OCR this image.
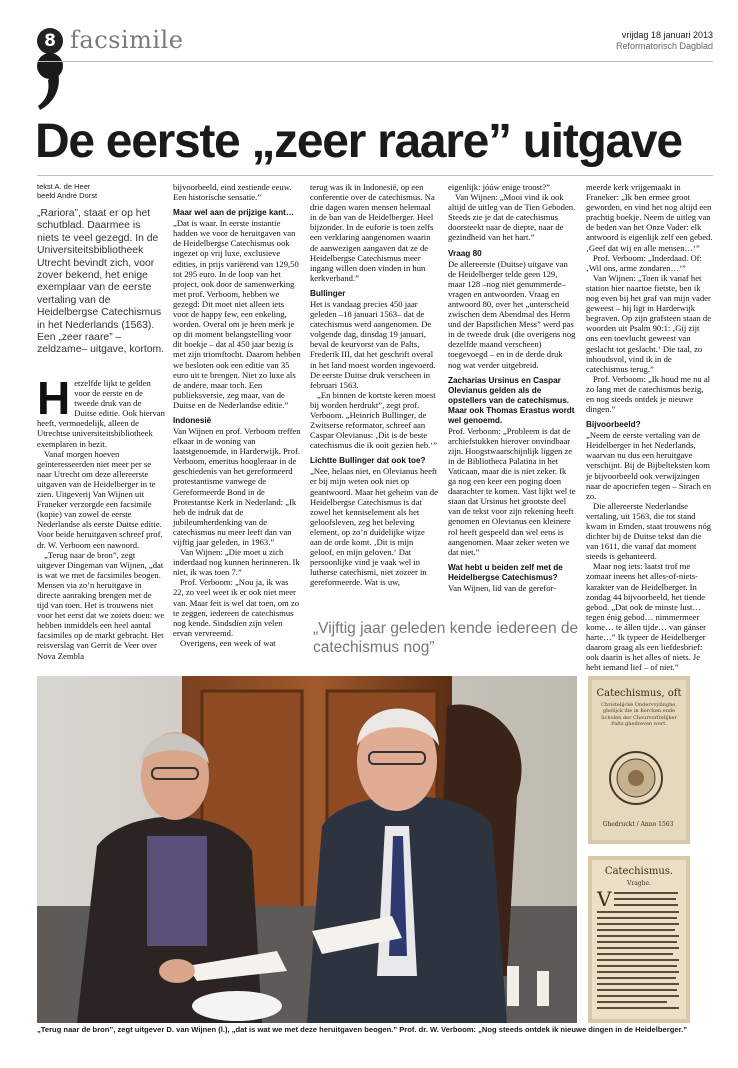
8 facsimile	vrijdag 18 januari 2013
Reformatorisch Dagblad
De eerste „zeer raare” uitgave
tekst A. de Heer
beeld André Dorst
„Rariora”, staat er op het schutblad. Daarmee is niets te veel gezegd. In de Universiteitsbibliotheek Utrecht bevindt zich, voor zover bekend, het enige exemplaar van de eerste vertaling van de Heidelbergse Catechismus in het Nederlands (1563). Een „zeer raare” –zeldzame– uitgave, kortom.

Hetzelfde lijkt te gelden voor de eerste en de tweede druk van de Duitse editie. Ook hiervan heeft, vermoedelijk, alleen de Utrechtse universiteitsbibliotheek exemplaren in bezit.

Vanaf morgen hoeven geïnteresseerden niet meer per se naar Utrecht om deze allereerste uitgaven van de Heidelberger in te zien. Uitgeverij Van Wijnen uit Franeker verzorgde een facsimile (kopie) van zowel de eerste Nederlandse als eerste Duitse editie. Voor beide heruitgaven schreef prof. dr. W. Verboom een nawoord.

„Terug naar de bron”, zegt uitgever Dingeman van Wijnen, „dat is wat we met de facsimiles beogen. Mensen via zo’n heruitgave in directe aanraking brengen met de tijd van toen. Het is trouwens niet voor het eerst dat we zoiets doen: we hebben inmiddels een heel aantal facsimiles op de markt gebracht. Het reisverslag van Gerrit de Veer over Nova Zembla

bijvoorbeeld, eind zestiende eeuw. Een historische sensatie.”

Maar wel aan de prijzige kant…

„Dat is waar. In eerste instantie hadden we voor de heruitgaven van de Heidelbergse Catechismus ook ingezet op vrij luxe, exclusieve edities, in prijs variërend van 129,50 tot 295 euro. In de loop van het project, ook door de samenwerking met prof. Verboom, hebben we gezegd: Dit moet niet alleen iets voor de happy few, een enkeling, worden. Overal om je heen merk je op dit moment belangstelling voor dit boekje – dat al 450 jaar bezig is met zijn triomftocht. Daarom hebben we besloten ook een editie van 35 euro uit te brengen. Niet zo luxe als de andere, maar toch. Een publieksversie, zeg maar, van de Duitse en de Nederlandse editie.”

Indonesië

Van Wijnen en prof. Verboom treffen elkaar in de woning van laatstgenoemde, in Harderwijk. Prof. Verboom, emeritus hoogleraar in de geschiedenis van het gereformeerd protestantisme vanwege de Gereformeerde Bond in de Protestantse Kerk in Nederland: „Ik heb de indruk dat de jubileumherdenking van de catechismus nu meer leeft dan van vijftig jaar geleden, in 1963.”

Van Wijnen: „Die moet u zich inderdaad nog kunnen herinneren. Ik niet, ik was toen 7.”

Prof. Verboom: „Nou ja, ik was 22, zo veel weet ik er ook niet meer van. Maar feit is wel dat toen, om zo te zeggen, iedereen de catechismus nog kende. Sindsdien zijn velen ervan vervreemd.

Overigens, een week of wat

terug was ik in Indonesië, op een conferentie over de catechismus. Na drie dagen waren mensen helemaal in de ban van de Heidelberger. Heel bijzonder. In de euforie is toen zelfs een verklaring aangenomen waarin de aanwezigen aangaven dat ze de Heidelbergse Catechismus meer ingang willen doen vinden in hun kerkverband.”

Bullinger

Het is vandaag precies 450 jaar geleden –18 januari 1563– dat de catechismus werd aangenomen. De volgende dag, dinsdag 19 januari, beval de keurvorst van de Palts, Frederik III, dat het geschrift overal in het land moest worden ingevoerd. De eerste Duitse druk verscheen in februari 1563.

„En binnen de kortste keren moest bij worden herdrukt”, zegt prof. Verboom. „Heinrich Bullinger, de Zwitserse reformator, schreef aan Caspar Olevianus: ‚Dit is de beste catechismus die ik ooit gezien heb.‘”

Lichtte Bullinger dat ook toe?

„Nee, helaas niet, en Olevianus heeft er bij mijn weten ook niet op geantwoord. Maar het geheim van de Heidelbergse Catechismus is dat zowel het kenniselement als het geloofsleven, zeg het beleving element, op zo’n duidelijke wijze aan de orde komt. ‚Dit is mijn geloof, en mijn geloven.‘ Dat persoonlijke vind je vaak wel in lutherse catechismi, niet zozeer in gereformeerde. Wat is uw,

eigenlijk: jóúw enige troost?”

Van Wijnen: „Mooi vind ik ook altijd de uitleg van de Tien Geboden. Steeds zie je dat de catechismus doorsteekt naar de diepte, naar de gezindheid van het hart.”

Vraag 80

De allereerste (Duitse) uitgave van de Heidelberger telde geen 129, maar 128 –nog niet genummerde– vragen en antwoorden. Vraag en antwoord 80, over het „unterscheid zwischen dem Abendmal des Herrn und der Bapstlichen Mess” werd pas in de tweede druk (die overigens nog dezelfde maand verscheen) toegevoegd – en in de derde druk nog wat verder uitgebreid.

Zacharias Ursinus en Caspar Olevianus gelden als de opstellers van de catechismus. Maar ook Thomas Erastus wordt wel genoemd.

Prof. Verboom: „Probleem is dat de archiefstukken hierover onvindbaar zijn. Hoogstwaarschijnlijk liggen ze in de Bibliotheca Palatina in het Vaticaan, maar die is niet zeker. Ik ga nog een keer een poging doen daarachter te komen. Vast lijkt wel te staan dat Ursinus het grootste deel van de tekst voor zijn rekening heeft genomen en Olevianus een kleinere rol heeft gespeeld dan wel eens is aangenomen. Maar zeker weten we dat niet.”

Wat hebt u beiden zelf met de Heidelbergse Catechismus?

Van Wijnen, lid van de gerefor-

meerde kerk vrijgemaakt in Franeker: „Ik ben ermee groot geworden, en vind het nog altijd een prachtig boekje. Neem de uitleg van de beden van het Onze Vader: elk antwoord is eigenlijk zelf een gebed. ‚Geef dat wij en alle mensen…‘”

Prof. Verboom: „Inderdaad. Of: ‚Wil ons, arme zondaren…‘”

Van Wijnen: „Toen ik vanaf het station hier naartoe fietste, ben ik nog even bij het graf van mijn vader geweest – hij ligt in Harderwijk begraven. Op zijn grafsteen staan de woorden uit Psalm 90:1: ‚Gij zijt ons een toevlucht geweest van geslacht tot geslacht.‘ Die taal, zo inhoudsvol, vind ik in de catechismus terug.”

Prof. Verboom: „Ik houd me nu al zo lang met de catechismus bezig, en nog steeds ontdek je nieuwe dingen.”

Bijvoorbeeld?

„Neem de eerste vertaling van de Heidelberger in het Nederlands, waarvan nu dus een heruitgave verschijnt. Bij de Bijbelteksten kom je bijvoorbeeld ook verwijzingen naar de apocriefen tegen – Sirach en zo.

Die allereerste Nederlandse vertaling, uit 1563, die tot stand kwam in Emden, staat trouwens nóg dichter bij de Duitse tekst dan die van 1611, die vanaf dat moment steeds is gehanteerd.

Maar nog iets: laatst trof me zomaar ineens het alles-of-niets-karakter van de Heidelberger. In zondag 44 bijvoorbeeld, het tiende gebod. „Dat ook de minste lust… tegen énig gebod… nimmermeer kome… te állen tijde… van gánser harte…” Ik typeer de Heidelberger daarom graag als een liefdesbrief: ook daarin is het alles of niets. Je hebt iemand lief – of niet.”

„Vijftig jaar geleden kende iedereen de catechismus nog”
Catechismus, oft
Christelijcke Ondervvyſinghe, ghelijck die in Kercken ende Scholen der Cheurvorſtelijker Paltz ghedreven wort.
Ghedruckt / Anno 1563
Catechismus.
Vraghe.
V
„Terug naar de bron”, zegt uitgever D. van Wijnen (l.), „dat is wat we met deze heruitgaven beogen.” Prof. dr. W. Verboom: „Nog steeds ontdek ik nieuwe dingen in de Heidelberger.”
